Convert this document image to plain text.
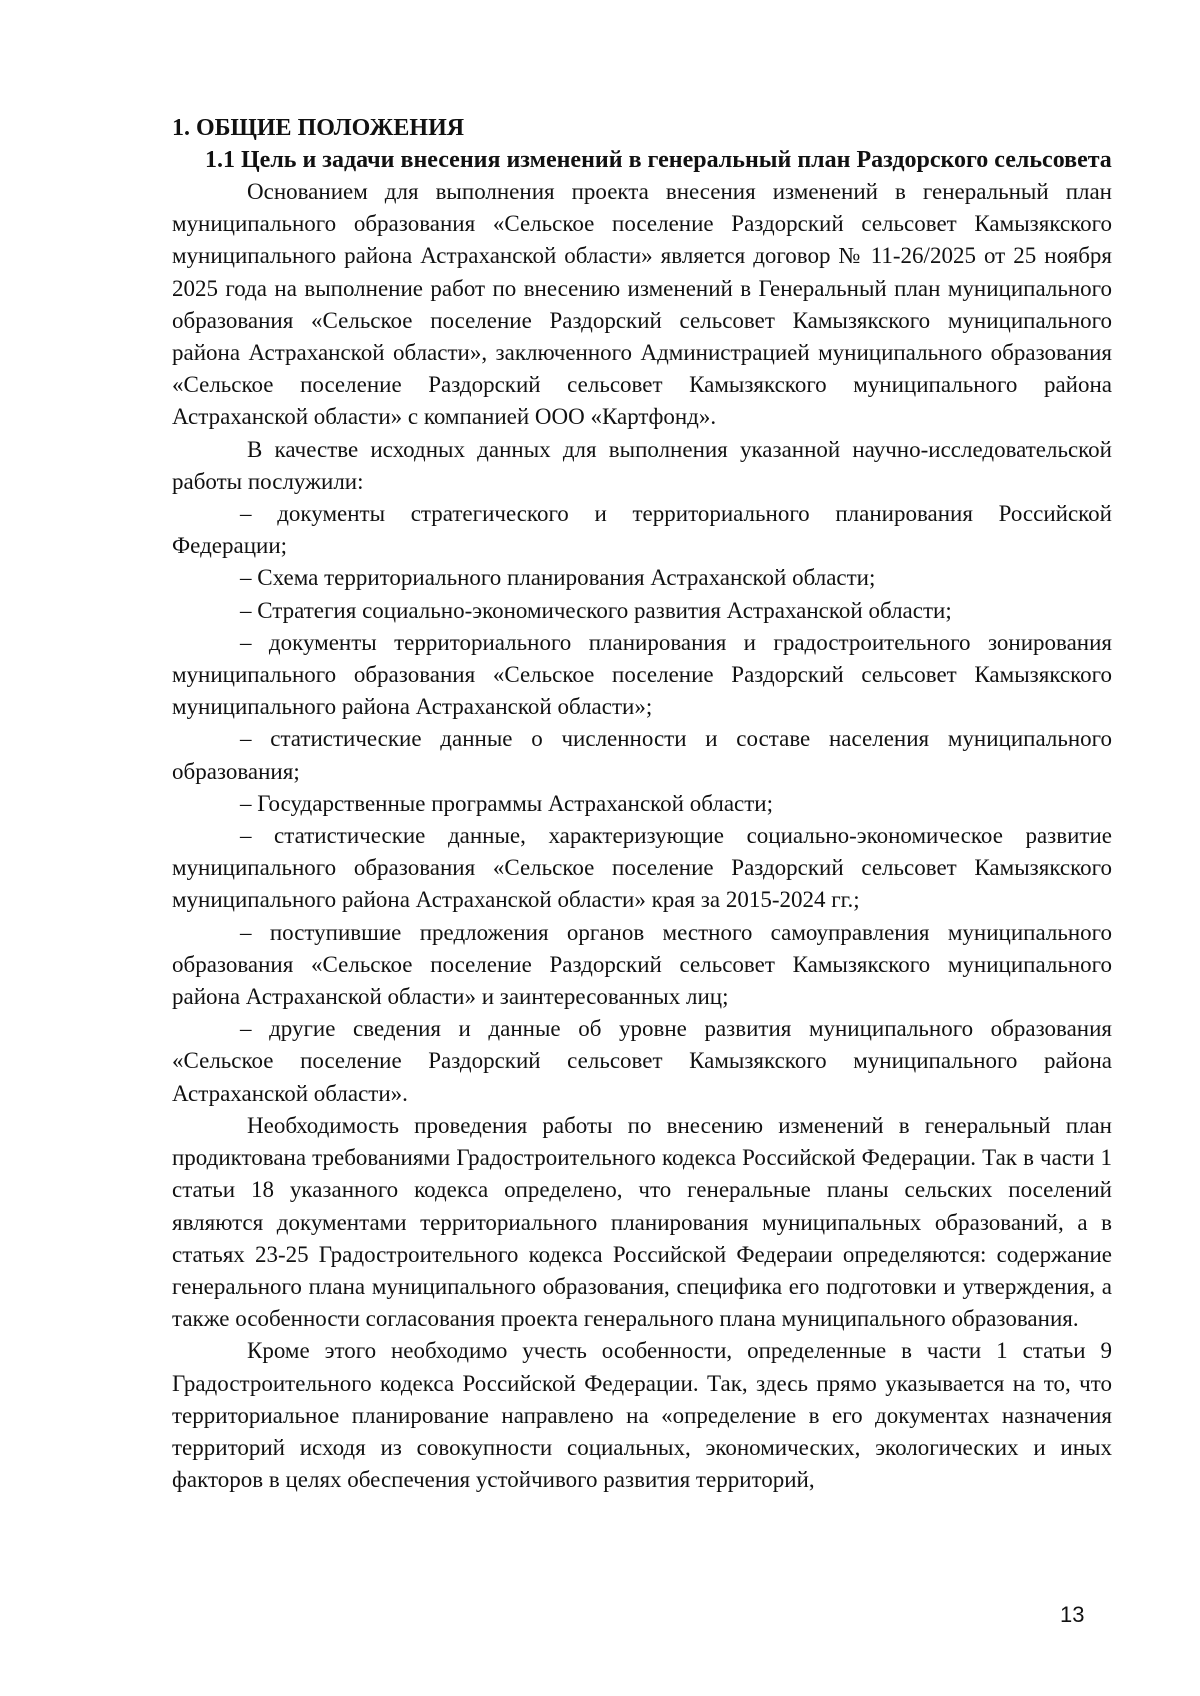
1. ОБЩИЕ ПОЛОЖЕНИЯ

1.1 Цель и задачи внесения изменений в генеральный план Раздорского сельсовета

Основанием для выполнения проекта внесения изменений в генеральный план муниципального образования «Сельское поселение Раздорский сельсовет Камызякского муниципального района Астраханской области» является договор № 11-26/2025 от 25 ноября 2025 года на выполнение работ по внесению изменений в Генеральный план муниципального образования «Сельское поселение Раздорский сельсовет Камызякского муниципального района Астраханской области», заключенного Администрацией муниципального образования «Сельское поселение Раздорский сельсовет Камызякского муниципального района Астраханской области» с компанией ООО «Картфонд».

В качестве исходных данных для выполнения указанной научно-исследовательской работы послужили:

– документы стратегического и территориального планирования Российской Федерации;

– Схема территориального планирования Астраханской области;

– Стратегия социально-экономического развития Астраханской области;

– документы территориального планирования и градостроительного зонирования муниципального образования «Сельское поселение Раздорский сельсовет Камызякского муниципального района Астраханской области»;

– статистические данные о численности и составе населения муниципального образования;

– Государственные программы Астраханской области;

– статистические данные, характеризующие социально-экономическое развитие муниципального образования «Сельское поселение Раздорский сельсовет Камызякского муниципального района Астраханской области» края за 2015-2024 гг.;

– поступившие предложения органов местного самоуправления муниципального образования «Сельское поселение Раздорский сельсовет Камызякского муниципального района Астраханской области» и заинтересованных лиц;

– другие сведения и данные об уровне развития муниципального образования «Сельское поселение Раздорский сельсовет Камызякского муниципального района Астраханской области».

Необходимость проведения работы по внесению изменений в генеральный план продиктована требованиями Градостроительного кодекса Российской Федерации. Так в части 1 статьи 18 указанного кодекса определено, что генеральные планы сельских поселений являются документами территориального планирования муниципальных образований, а в статьях 23-25 Градостроительного кодекса Российской Федераии определяются: содержание генерального плана муниципального образования, специфика его подготовки и утверждения, а также особенности согласования проекта генерального плана муниципального образования.

Кроме этого необходимо учесть особенности, определенные в части 1 статьи 9 Градостроительного кодекса Российской Федерации. Так, здесь прямо указывается на то, что территориальное планирование направлено на «определение в его документах назначения территорий исходя из совокупности социальных, экономических, экологических и иных факторов в целях обеспечения устойчивого развития территорий,

13
